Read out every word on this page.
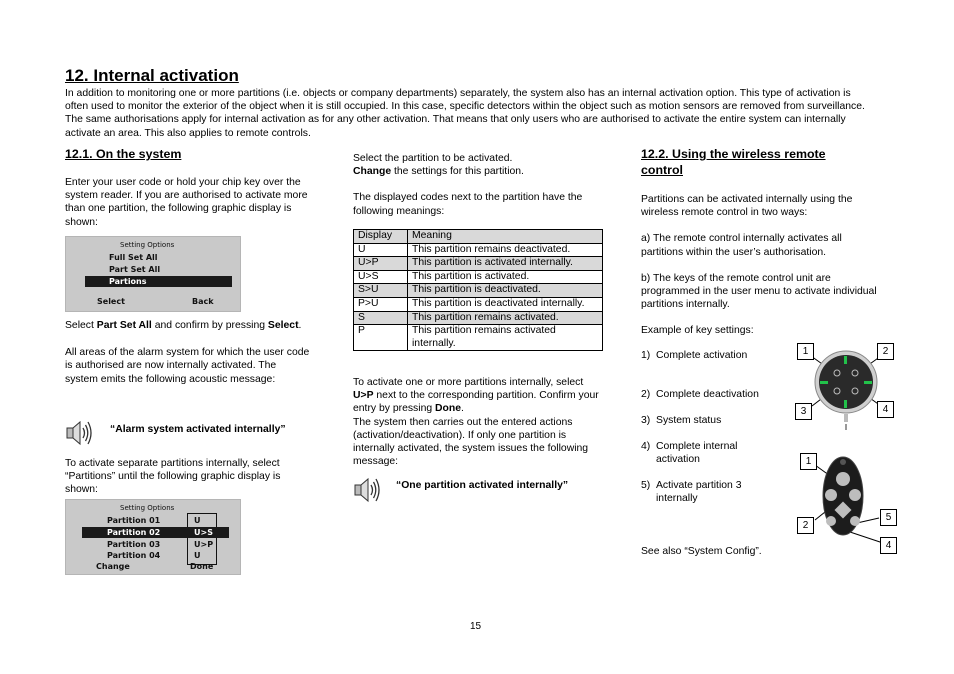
12. Internal activation

In addition to monitoring one or more partitions (i.e. objects or company departments) separately, the system also has an internal activation option. This type of activation is often used to monitor the exterior of the object when it is still occupied. In this case, specific detectors within the object such as motion sensors are removed from surveillance. The same authorisations apply for internal activation as for any other activation. That means that only users who are authorised to activate the entire system can internally activate an area. This also applies to remote controls.

12.1. On the system

Enter your user code or hold your chip key over the system reader. If you are authorised to activate more than one partition, the following graphic display is shown:

Setting Options
Full Set All
Part Set All
Partions
Select	Back

Select Part Set All and confirm by pressing Select.

All areas of the alarm system for which the user code is authorised are now internally activated. The system emits the following acoustic message:

“Alarm system activated internally”

To activate separate partitions internally, select “Partitions” until the following graphic display is shown:

Setting Options
Partition 01	U
Partition 02	U>S
Partition 03	U>P
Partition 04	U
Change	Done

Select the partition to be activated.

Change the settings for this partition.

The displayed codes next to the partition have the following meanings:

Display	Meaning
U	This partition remains deactivated.
U>P	This partition is activated internally.
U>S	This partition is activated.
S>U	This partition is deactivated.
P>U	This partition is deactivated internally.
S	This partition remains activated.
P	This partition remains activated internally.

To activate one or more partitions internally, select U>P next to the corresponding partition. Confirm your entry by pressing Done.

The system then carries out the entered actions (activation/deactivation). If only one partition is internally activated, the system issues the following message:

“One partition activated internally”
12.2. Using the wireless remote control

Partitions can be activated internally using the wireless remote control in two ways:

a) The remote control internally activates all partitions within the user’s authorisation.

b) The keys of the remote control unit are programmed in the user menu to activate individual partitions internally.

Example of key settings:

1) Complete activation
2) Complete deactivation
3) System status
4) Complete internal activation
5) Activate partition 3 internally

See also “System Config”.

1	2
3	4
1
2
5
4
15
